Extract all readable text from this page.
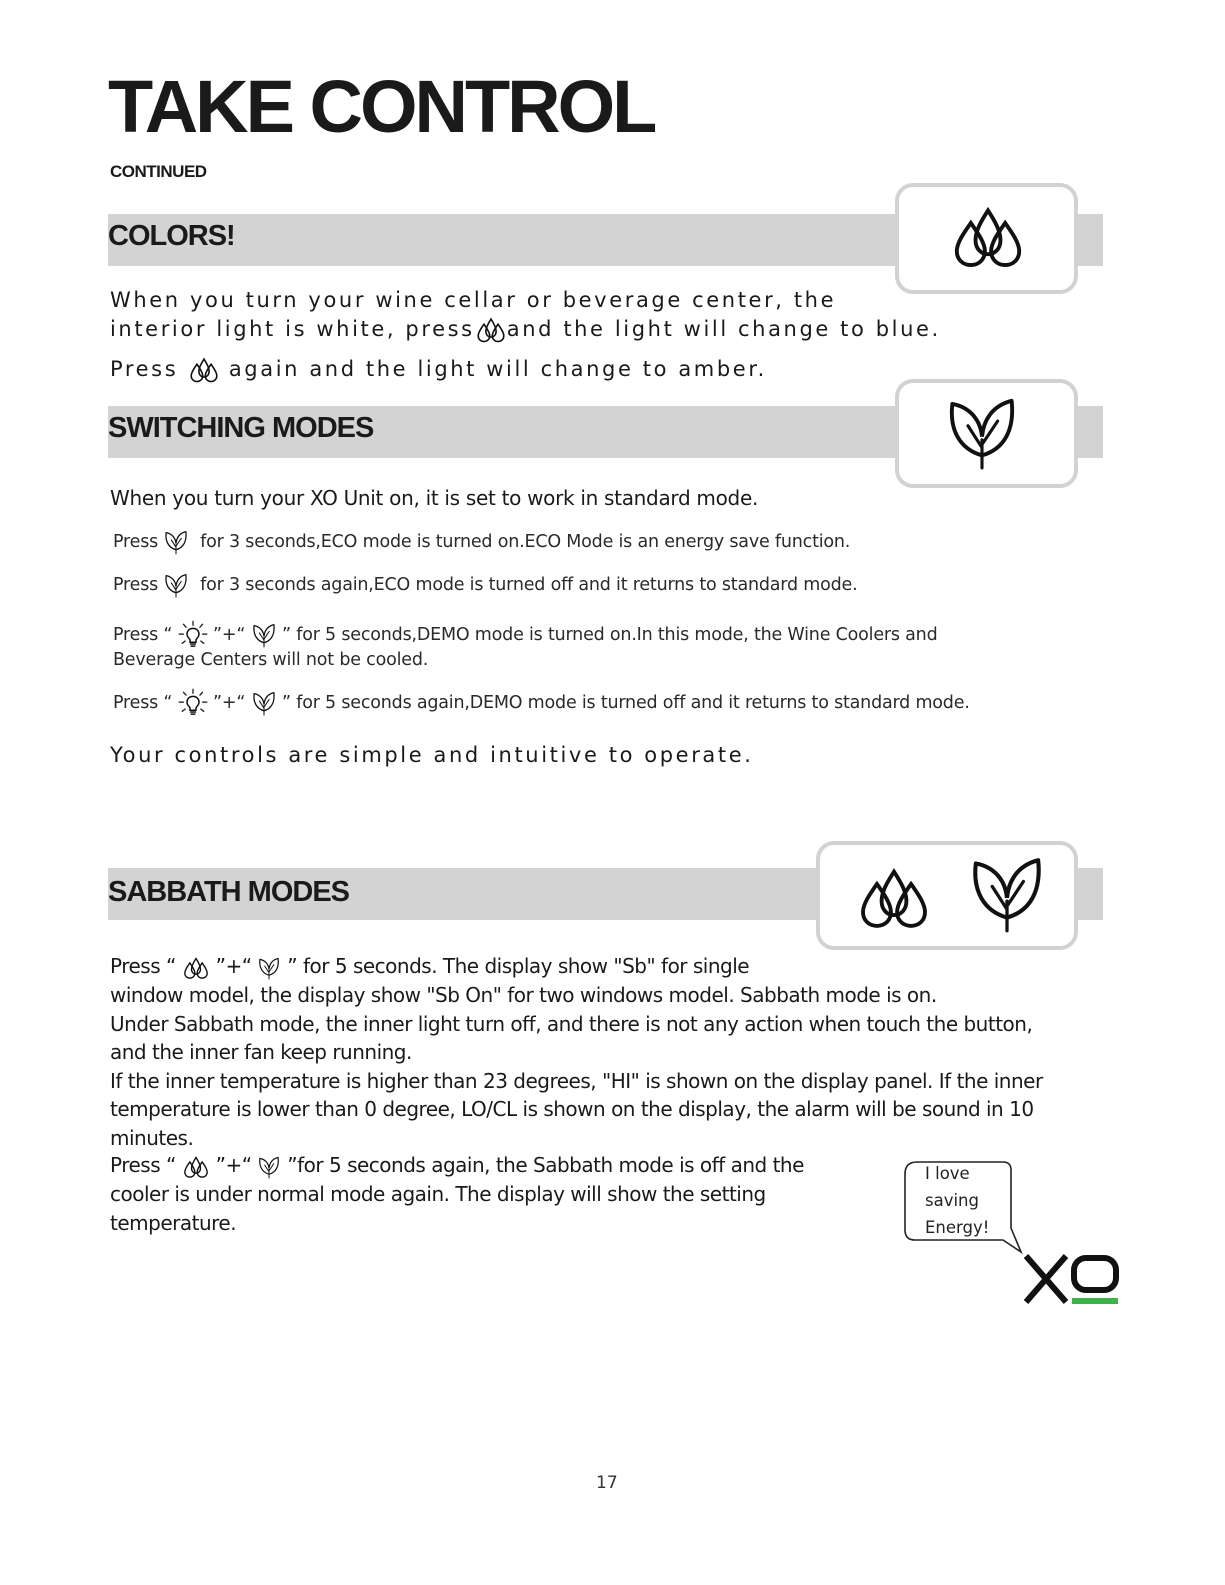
TAKE CONTROL
CONTINUED
COLORS!

When you turn your wine cellar or beverage center, the

interior light is white, press and the light will change to blue.

Press again and the light will change to amber.

SWITCHING MODES

When you turn your XO Unit on, it is set to work in standard mode.

Press for 3 seconds,ECO mode is turned on.ECO Mode is an energy save function.

Press for 3 seconds again,ECO mode is turned off and it returns to standard mode.

Press “ ”+“ ” for 5 seconds,DEMO mode is turned on.In this mode, the Wine Coolers and

Beverage Centers will not be cooled.

Press “ ”+“ ” for 5 seconds again,DEMO mode is turned off and it returns to standard mode.

Your controls are simple and intuitive to operate.

SABBATH MODES

Press “ ”+“ ” for 5 seconds. The display show "Sb" for single

window model, the display show "Sb On" for two windows model. Sabbath mode is on.

Under Sabbath mode, the inner light turn off, and there is not any action when touch the button,

and the inner fan keep running.

If the inner temperature is higher than 23 degrees, "HI" is shown on the display panel. If the inner

temperature is lower than 0 degree, LO/CL is shown on the display, the alarm will be sound in 10

minutes.

Press “ ”+“ ”for 5 seconds again, the Sabbath mode is off and the

cooler is under normal mode again. The display will show the setting

temperature.

I love
saving
Energy!
17
